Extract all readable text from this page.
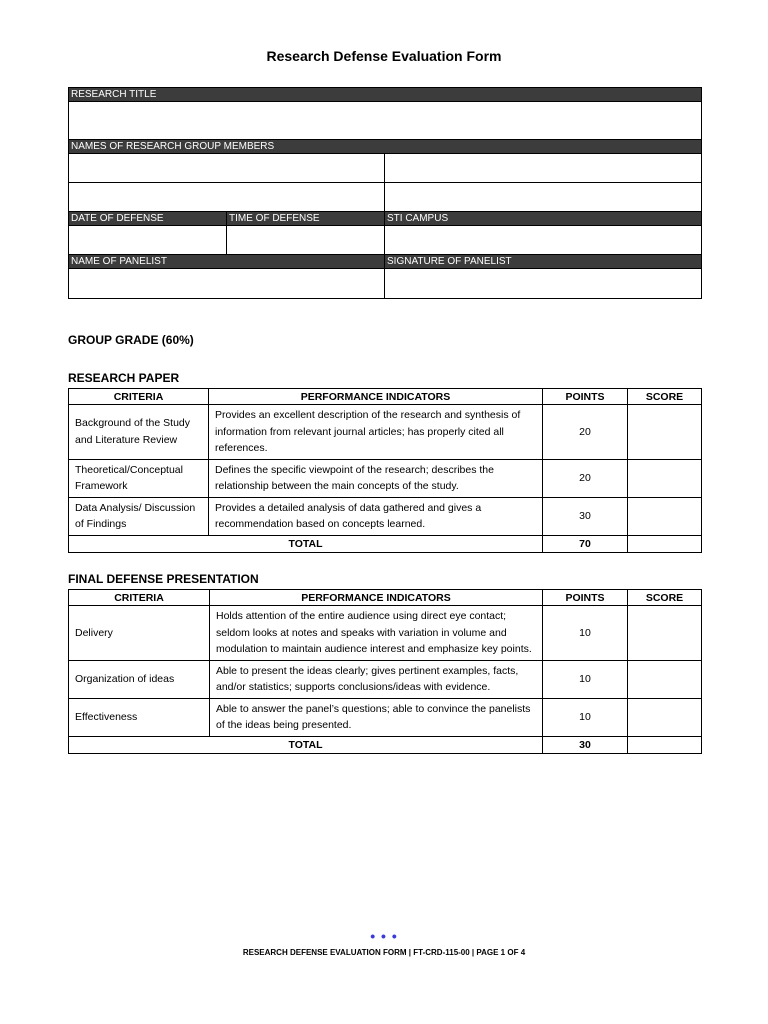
Research Defense Evaluation Form
RESEARCH TITLE		

NAMES OF RESEARCH GROUP MEMBERS		

DATE OF DEFENSE	TIME OF DEFENSE	STI CAMPUS

NAME OF PANELIST		SIGNATURE OF PANELIST

GROUP GRADE (60%)
RESEARCH PAPER
CRITERIA	PERFORMANCE INDICATORS	POINTS	SCORE
Background of the Study and Literature Review	Provides an excellent description of the research and synthesis of information from relevant journal articles; has properly cited all references.	20	
Theoretical/Conceptual Framework	Defines the specific viewpoint of the research; describes the relationship between the main concepts of the study.	20	
Data Analysis/ Discussion of Findings	Provides a detailed analysis of data gathered and gives a recommendation based on concepts learned.	30	
TOTAL		70	
FINAL DEFENSE PRESENTATION
CRITERIA	PERFORMANCE INDICATORS	POINTS	SCORE
Delivery	Holds attention of the entire audience using direct eye contact; seldom looks at notes and speaks with variation in volume and modulation to maintain audience interest and emphasize key points.	10	
Organization of ideas	Able to present the ideas clearly; gives pertinent examples, facts, and/or statistics; supports conclusions/ideas with evidence.	10	
Effectiveness	Able to answer the panel’s questions; able to convince the panelists of the ideas being presented.	10	
TOTAL		30	
• • •
RESEARCH DEFENSE EVALUATION FORM | FT-CRD-115-00 | PAGE 1 OF 4
